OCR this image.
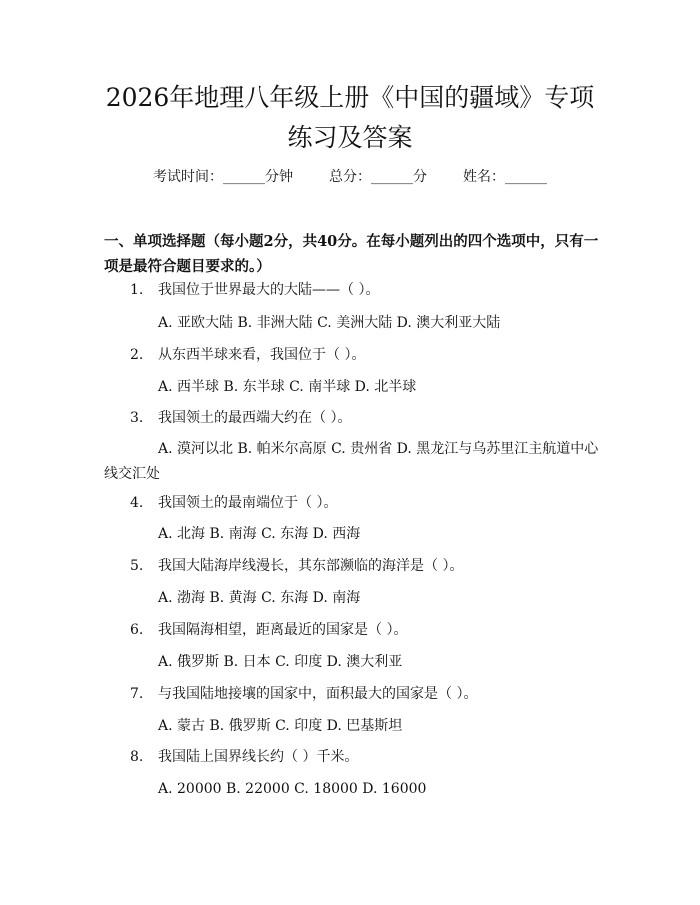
2026年地理八年级上册《中国的疆域》专项
练习及答案
考试时间：______分钟	总分：______分	姓名：______
一、单项选择题（每小题2分，共40分。在每小题列出的四个选项中，只有一项是最符合题目要求的。）
1. 我国位于世界最大的大陆——（ ）。
A. 亚欧大陆 B. 非洲大陆 C. 美洲大陆 D. 澳大利亚大陆
2. 从东西半球来看，我国位于（ ）。
A. 西半球 B. 东半球 C. 南半球 D. 北半球
3. 我国领土的最西端大约在（ ）。
A. 漠河以北 B. 帕米尔高原 C. 贵州省 D. 黑龙江与乌苏里江主航道中心线交汇处
4. 我国领土的最南端位于（ ）。
A. 北海 B. 南海 C. 东海 D. 西海
5. 我国大陆海岸线漫长，其东部濒临的海洋是（ ）。
A. 渤海 B. 黄海 C. 东海 D. 南海
6. 我国隔海相望，距离最近的国家是（ ）。
A. 俄罗斯 B. 日本 C. 印度 D. 澳大利亚
7. 与我国陆地接壤的国家中，面积最大的国家是（ ）。
A. 蒙古 B. 俄罗斯 C. 印度 D. 巴基斯坦
8. 我国陆上国界线长约（ ）千米。
A. 20000 B. 22000 C. 18000 D. 16000
